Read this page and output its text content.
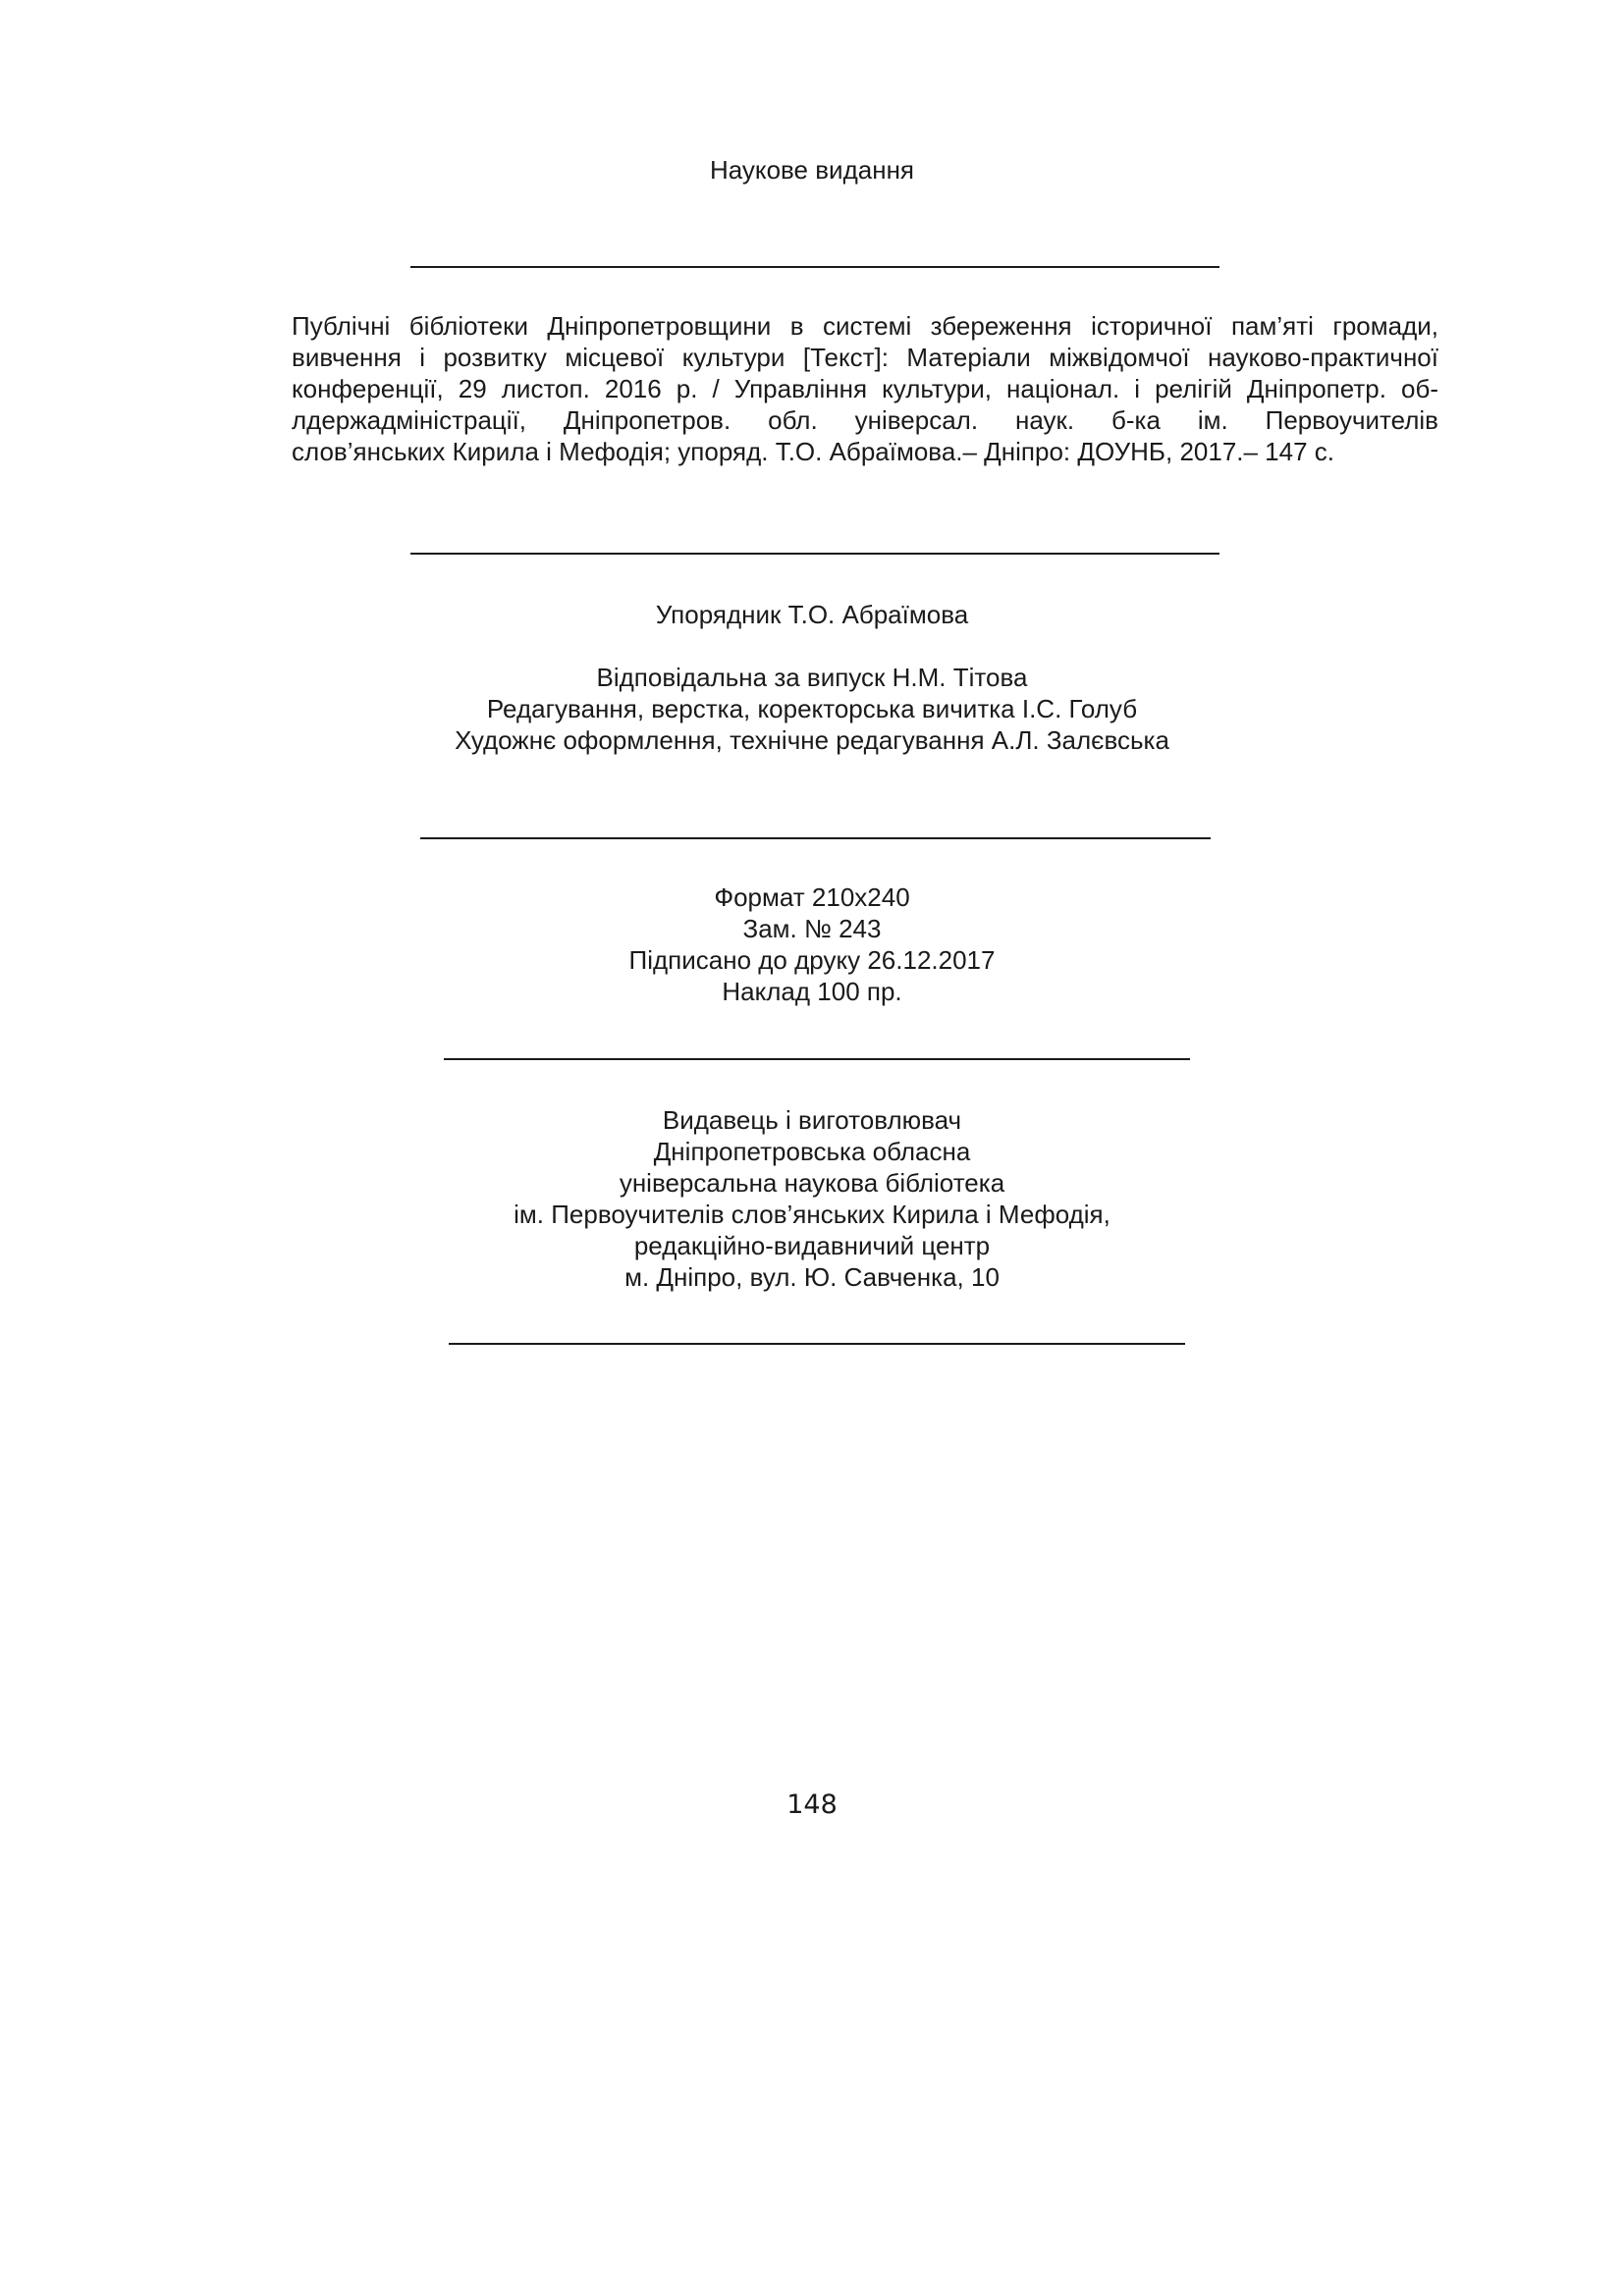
Наукове видання
Публічні бібліотеки Дніпропетровщини в системі збереження історичної пам’яті громади,
вивчення і розвитку місцевої культури [Текст]: Матеріали міжвідомчої науково-практичної
конференції, 29 листоп. 2016 р. / Управління культури, націонал. і релігій Дніпропетр. об-
лдержадміністрації, Дніпропетров. обл. універсал. наук. б-ка ім. Первоучителів
слов’янських Кирила і Мефодія; упоряд. Т.О. Абраїмова.– Дніпро: ДОУНБ, 2017.– 147 с.
Упорядник Т.О. Абраїмова
Відповідальна за випуск Н.М. Тітова
Редагування, верстка, коректорська вичитка І.С. Голуб
Художнє оформлення, технічне редагування А.Л. Залєвська
Формат 210х240
Зам. № 243
Підписано до друку 26.12.2017
Наклад 100 пр.
Видавець і виготовлювач
Дніпропетровська обласна
універсальна наукова бібліотека
ім. Первоучителів слов’янських Кирила і Мефодія,
редакційно-видавничий центр
м. Дніпро, вул. Ю. Савченка, 10
148
